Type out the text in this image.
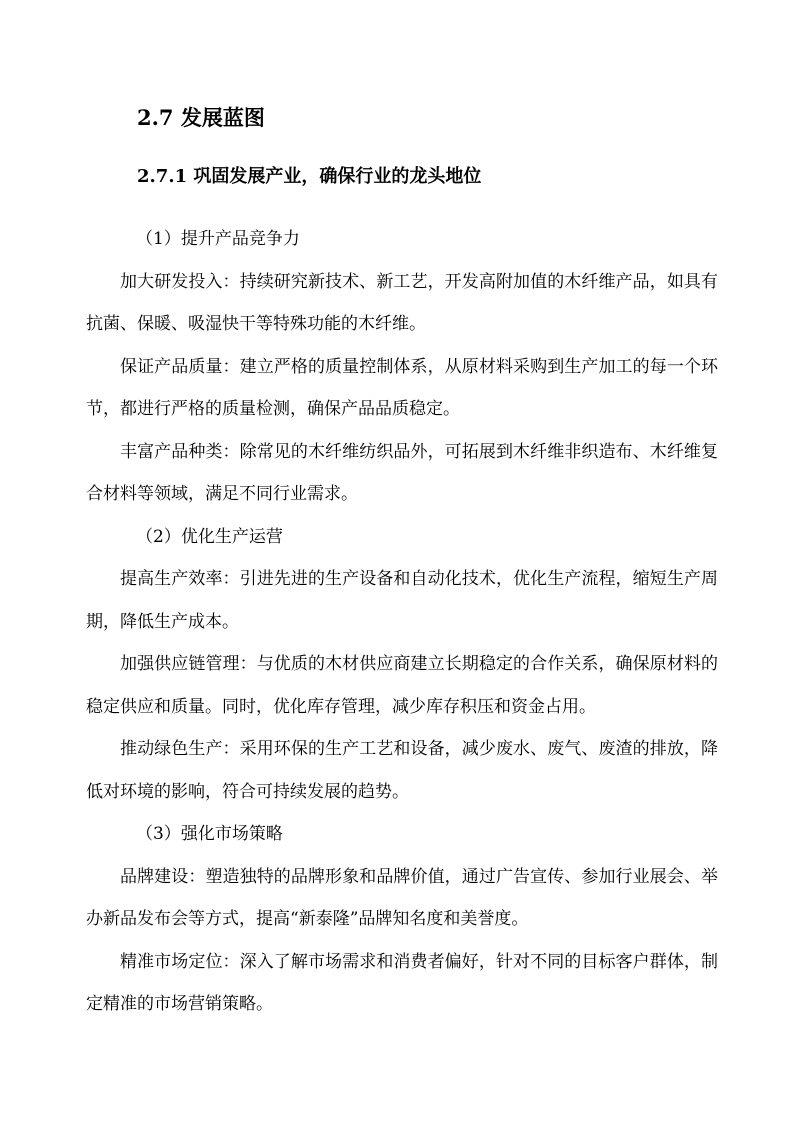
2.7 发展蓝图
2.7.1 巩固发展产业，确保行业的龙头地位

（1）提升产品竞争力

加大研发投入：持续研究新技术、新工艺，开发高附加值的木纤维产品，如具有抗菌、保暖、吸湿快干等特殊功能的木纤维。

保证产品质量：建立严格的质量控制体系，从原材料采购到生产加工的每一个环节，都进行严格的质量检测，确保产品品质稳定。

丰富产品种类：除常见的木纤维纺织品外，可拓展到木纤维非织造布、木纤维复合材料等领域，满足不同行业需求。

（2）优化生产运营

提高生产效率：引进先进的生产设备和自动化技术，优化生产流程，缩短生产周期，降低生产成本。

加强供应链管理：与优质的木材供应商建立长期稳定的合作关系，确保原材料的稳定供应和质量。同时，优化库存管理，减少库存积压和资金占用。

推动绿色生产：采用环保的生产工艺和设备，减少废水、废气、废渣的排放，降低对环境的影响，符合可持续发展的趋势。

（3）强化市场策略

品牌建设：塑造独特的品牌形象和品牌价值，通过广告宣传、参加行业展会、举办新品发布会等方式，提高“新泰隆”品牌知名度和美誉度。

精准市场定位：深入了解市场需求和消费者偏好，针对不同的目标客户群体，制定精准的市场营销策略。
